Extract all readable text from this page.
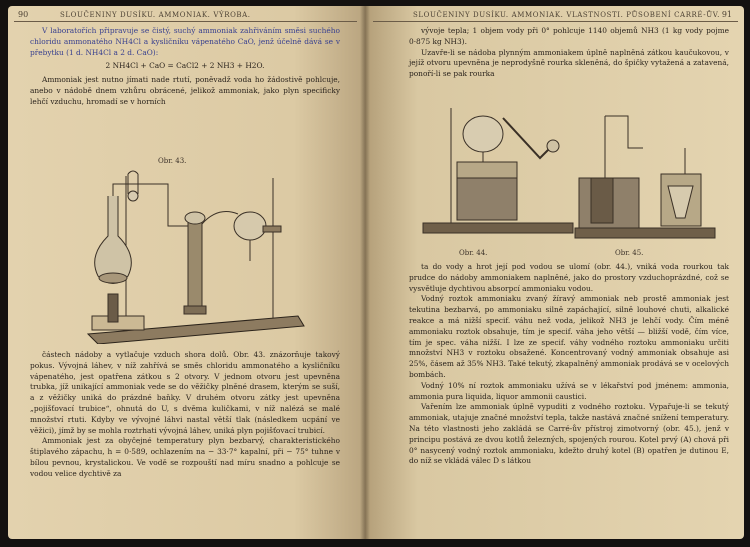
90	SLOUČENINY DUSÍKU. AMMONIAK. VÝROBA.

V laboratořích připravuje se čistý, suchý ammoniak zahřiváním směsi suchého chloridu ammonatého NH4Cl a kysličníku vápenatého CaO, jenž účelně dává se v přebytku (1 d. NH4Cl a 2 d. CaO):

2 NH4Cl + CaO = CaCl2 + 2 NH3 + H2O.

Ammoniak jest nutno jímati nade rtutí, poněvadž voda ho žádostivě pohlcuje, anebo v nádobě dnem vzhůru obrácené, jelikož ammoniak, jako plyn specificky lehčí vzduchu, hromadí se v horních

Obr. 43.

částech nádoby a vytlačuje vzduch shora dolů. Obr. 43. znázorňuje takový pokus. Vývojná láhev, v níž zahřívá se směs chloridu ammonatého a kysličníku vápenatého, jest opatřena zátkou s 2 otvory. V jednom otvoru jest upevněna trubka, jíž unikající ammoniak vede se do věžičky plněné drasem, kterým se suší, a z věžičky uniká do prázdné baňky. V druhém otvoru zátky jest upevněna „pojišťovací trubice“, ohnutá do U, s dvěma kuličkami, v níž nalézá se malé množství rtuti. Kdyby ve vývojné láhvi nastal větší tlak (následkem ucpání ve věžici), jímž by se mohla roztrhati vývojná láhev, uniká plyn pojišťovací trubicí.

Ammoniak jest za obyčejné temperatury plyn bezbarvý, charakteristického štiplavého zápachu, h = 0·589, ochlazením na − 33·7° kapalní, při − 75° tuhne v bílou pevnou, krystalickou. Ve vodě se rozpouští nad míru snadno a pohlcuje se vodou velice dychtivě za

SLOUČENINY DUSÍKU. AMMONIAK. VLASTNOSTI. PŮSOBENÍ CARRÉ-ŮV. 91

vývoje tepla; 1 objem vody při 0° pohlcuje 1140 objemů NH3 (1 kg vody pojme 0·875 kg NH3).

Uzavře-li se nádoba plynným ammoniakem úplně naplněná zátkou kaučukovou, v jejíž otvoru upevněna je neprodyšně rourka skleněná, do špičky vytažená a zatavená, ponoří-li se pak rourka

Obr. 44.	Obr. 45.

ta do vody a hrot její pod vodou se ulomí (obr. 44.), vniká voda rourkou tak prudce do nádoby ammoniakem naplněné, jako do prostory vzduchoprázdné, což se vysvětluje dychtivou absorpcí ammoniaku vodou.

Vodný roztok ammoniaku zvaný žíravý ammoniak neb prostě ammoniak jest tekutina bezbarvá, po ammoniaku silně zapáchající, silně louhové chuti, alkalické reakce a má nižší specif. váhu než voda, jelikož NH3 je lehčí vody. Čím méně ammoniaku roztok obsahuje, tím je specif. váha jeho větší — bližší vodě, čím více, tím je spec. váha nižší. I lze ze specif. váhy vodného roztoku ammoniaku určiti množství NH3 v roztoku obsažené. Koncentrovaný vodný ammoniak obsahuje asi 25%, čásem až 35% NH3. Také tekutý, zkapalněný ammoniak prodává se v ocelových bombách.

Vodný 10% ní roztok ammoniaku užívá se v lékařství pod jménem: ammonia, ammonia pura liquida, liquor ammonii caustici.

Vařením lze ammoniak úplně vypuditi z vodného roztoku. Vypařuje-li se tekutý ammoniak, utajuje značné množství tepla, takže nastává značné snížení temperatury. Na této vlastnosti jeho zakládá se Carré-ův přístroj zimotvorný (obr. 45.), jenž v principu postává ze dvou kotlů železných, spojených rourou. Kotel prvý (A) chová při 0° nasycený vodný roztok ammoniaku, kdežto druhý kotel (B) opatřen je dutinou E, do níž se vkládá válec D s látkou
